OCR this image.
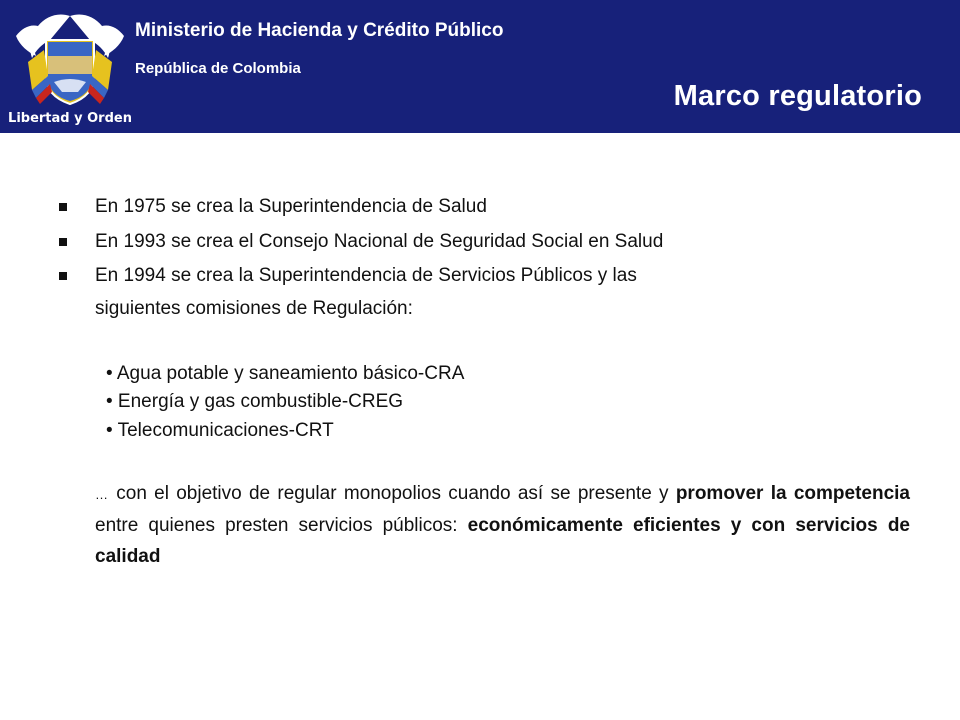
Libertad y Orden
Ministerio de Hacienda y Crédito Público
República de Colombia
Marco regulatorio
En 1975 se crea la Superintendencia de Salud
En 1993 se crea el Consejo Nacional de Seguridad Social en Salud
En 1994 se crea la Superintendencia de Servicios Públicos y las
siguientes comisiones de Regulación:
• Agua potable y saneamiento básico-CRA
• Energía y gas combustible-CREG
• Telecomunicaciones-CRT
… con el objetivo de regular monopolios cuando así se presente y promover la competencia entre quienes presten servicios públicos: económicamente eficientes y con servicios de calidad
